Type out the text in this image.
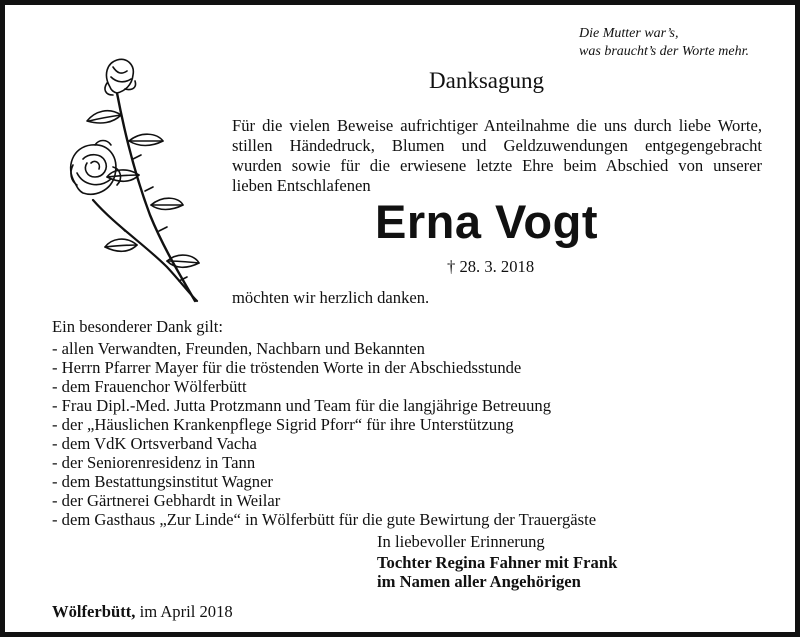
Die Mutter war’s,
was braucht’s der Worte mehr.
Danksagung
Für die vielen Beweise aufrichtiger Anteilnahme die uns durch liebe Worte,
stillen Händedruck, Blumen und Geldzuwendungen entgegengebracht
wurden sowie für die erwiesene letzte Ehre beim Abschied von unserer
lieben Entschlafenen
Erna Vogt
† 28. 3. 2018
möchten wir herzlich danken.
Ein besonderer Dank gilt:
- allen Verwandten, Freunden, Nachbarn und Bekannten
- Herrn Pfarrer Mayer für die tröstenden Worte in der Abschiedsstunde
- dem Frauenchor Wölferbütt
- Frau Dipl.-Med. Jutta Protzmann und Team für die langjährige Betreuung
- der „Häuslichen Krankenpflege Sigrid Pforr“ für ihre Unterstützung
- dem VdK Ortsverband Vacha
- der Seniorenresidenz in Tann
- dem Bestattungsinstitut Wagner
- der Gärtnerei Gebhardt in Weilar
- dem Gasthaus „Zur Linde“ in Wölferbütt für die gute Bewirtung der Trauergäste
In liebevoller Erinnerung
Tochter Regina Fahner mit Frank
im Namen aller Angehörigen
Wölferbütt, im April 2018
